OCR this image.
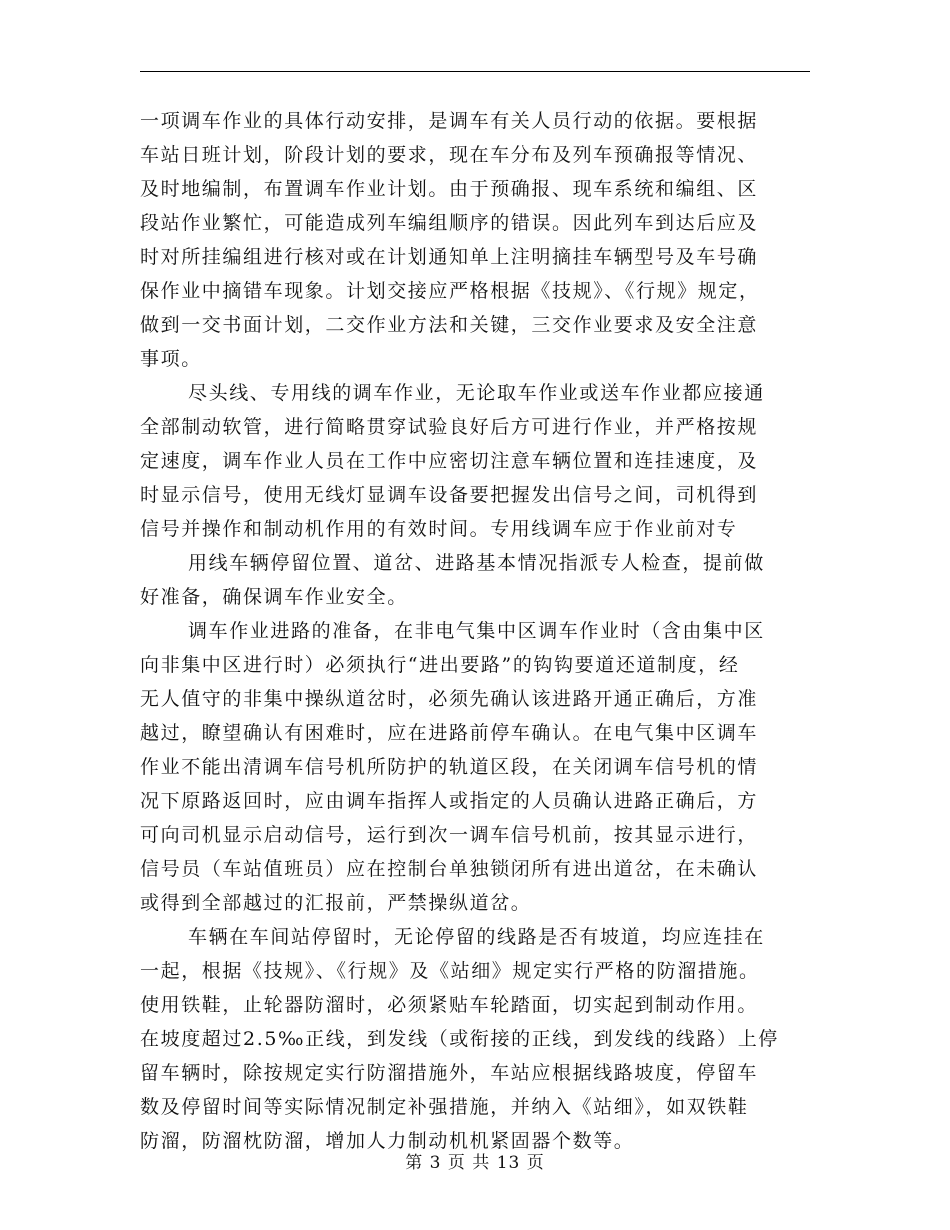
一项调车作业的具体行动安排，是调车有关人员行动的依据。要根据
车站日班计划，阶段计划的要求，现在车分布及列车预确报等情况、
及时地编制，布置调车作业计划。由于预确报、现车系统和编组、区
段站作业繁忙，可能造成列车编组顺序的错误。因此列车到达后应及
时对所挂编组进行核对或在计划通知单上注明摘挂车辆型号及车号确
保作业中摘错车现象。计划交接应严格根据《技规》、《行规》规定，
做到一交书面计划，二交作业方法和关键，三交作业要求及安全注意
事项。
尽头线、专用线的调车作业，无论取车作业或送车作业都应接通
全部制动软管，进行简略贯穿试验良好后方可进行作业，并严格按规
定速度，调车作业人员在工作中应密切注意车辆位置和连挂速度，及
时显示信号，使用无线灯显调车设备要把握发出信号之间，司机得到
信号并操作和制动机作用的有效时间。专用线调车应于作业前对专
用线车辆停留位置、道岔、进路基本情况指派专人检查，提前做
好准备，确保调车作业安全。
调车作业进路的准备，在非电气集中区调车作业时（含由集中区
向非集中区进行时）必须执行“进出要路”的钩钩要道还道制度，经
无人值守的非集中操纵道岔时，必须先确认该进路开通正确后，方准
越过，瞭望确认有困难时，应在进路前停车确认。在电气集中区调车
作业不能出清调车信号机所防护的轨道区段，在关闭调车信号机的情
况下原路返回时，应由调车指挥人或指定的人员确认进路正确后，方
可向司机显示启动信号，运行到次一调车信号机前，按其显示进行，
信号员（车站值班员）应在控制台单独锁闭所有进出道岔，在未确认
或得到全部越过的汇报前，严禁操纵道岔。
车辆在车间站停留时，无论停留的线路是否有坡道，均应连挂在
一起，根据《技规》、《行规》及《站细》规定实行严格的防溜措施。
使用铁鞋，止轮器防溜时，必须紧贴车轮踏面，切实起到制动作用。
在坡度超过2.5‰正线，到发线（或衔接的正线，到发线的线路）上停
留车辆时，除按规定实行防溜措施外，车站应根据线路坡度，停留车
数及停留时间等实际情况制定补强措施，并纳入《站细》，如双铁鞋
防溜，防溜枕防溜，增加人力制动机机紧固器个数等。
第 3 页 共 13 页
